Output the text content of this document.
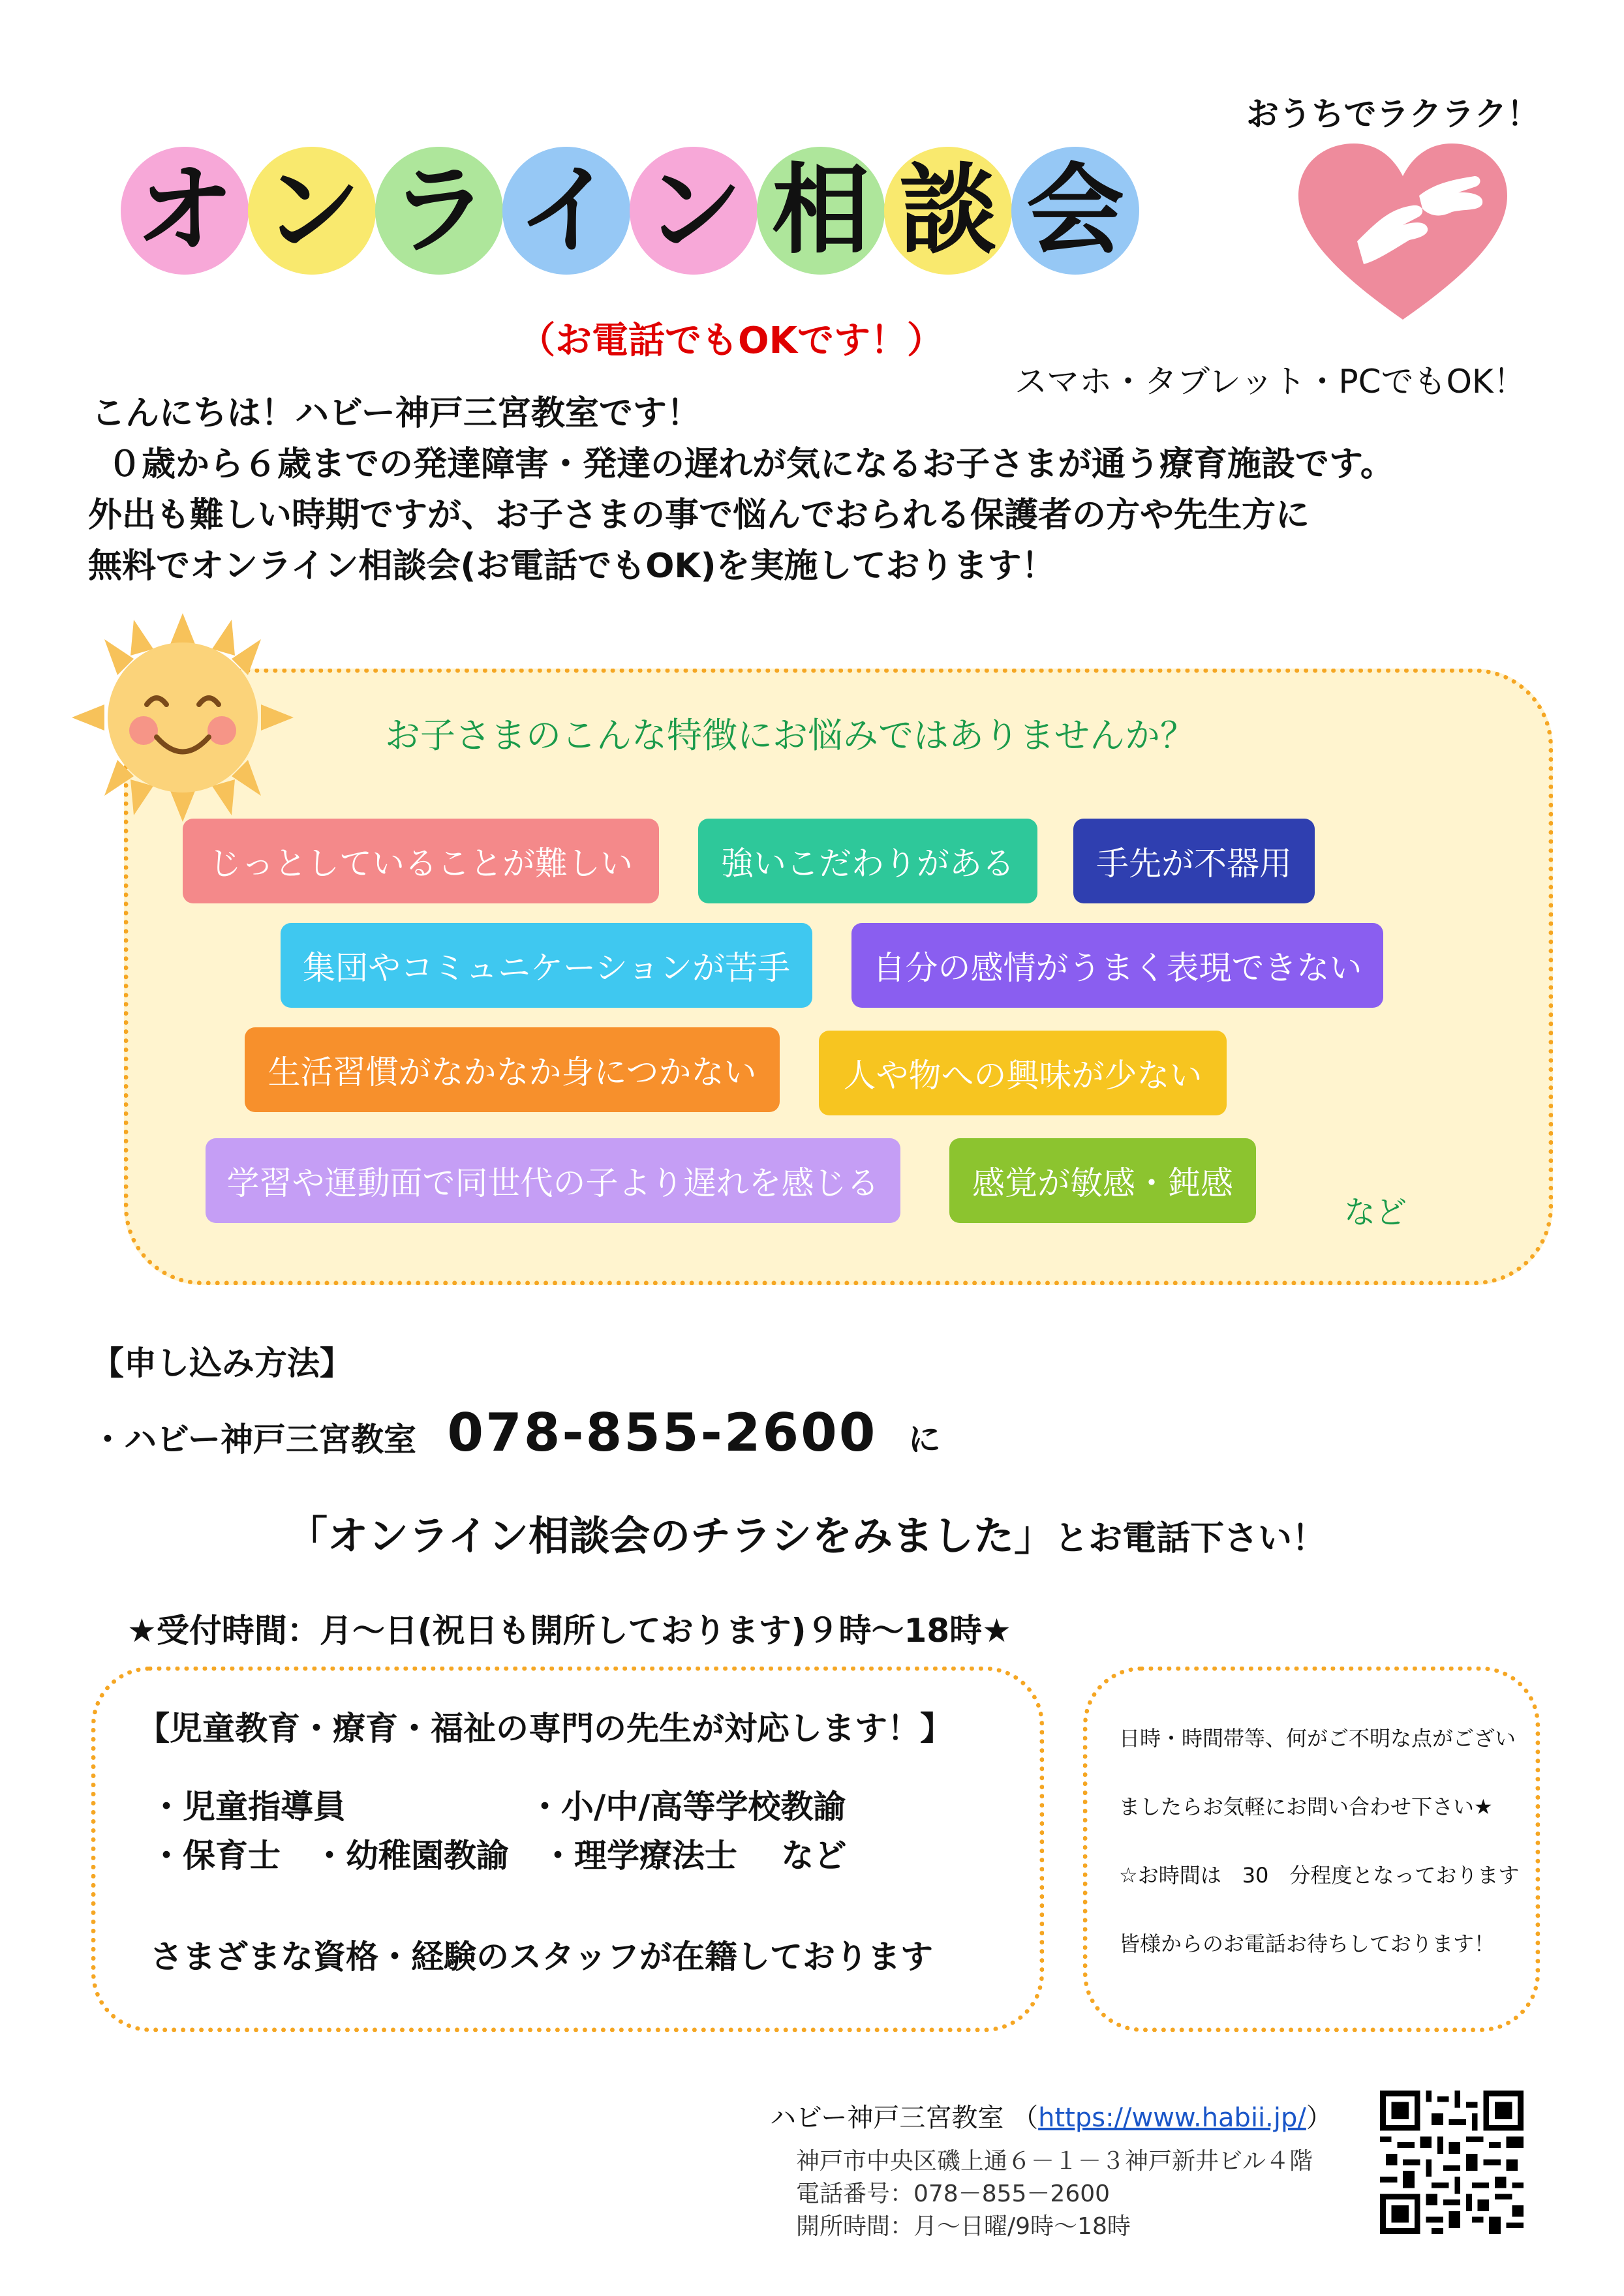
おうちでラクラク！
オ ン ラ イ ン 相 談 会
（お電話でもOKです！）
スマホ・タブレット・PCでもOK！
こんにちは！ハビー神戸三宮教室です！
０歳から６歳までの発達障害・発達の遅れが気になるお子さまが通う療育施設です。
外出も難しい時期ですが、お子さまの事で悩んでおられる保護者の方や先生方に
無料でオンライン相談会(お電話でもOK)を実施しております！
お子さまのこんな特徴にお悩みではありませんか？
じっとしていることが難しい	強いこだわりがある	手先が不器用
集団やコミュニケーションが苦手	自分の感情がうまく表現できない
生活習慣がなかなか身につかない	人や物への興味が少ない
学習や運動面で同世代の子より遅れを感じる	感覚が敏感・鈍感
など
【申し込み方法】
・ハビー神戸三宮教室 078-855-2600 に
「オンライン相談会のチラシをみました」とお電話下さい！
★受付時間：月～日(祝日も開所しております)９時～18時★
【児童教育・療育・福祉の専門の先生が対応します！】
・児童指導員	・小/中/高等学校教諭
・保育士　・幼稚園教諭　・理学療法士　 など
さまざまな資格・経験のスタッフが在籍しております
日時・時間帯等、何がご不明な点がござい
ましたらお気軽にお問い合わせ下さい★
☆お時間は　30　分程度となっております
皆様からのお電話お待ちしております！
ハビー神戸三宮教室 （https://www.habii.jp/）
神戸市中央区磯上通６－１－３神戸新井ビル４階
電話番号：078－855－2600
開所時間：月～日曜/9時～18時
